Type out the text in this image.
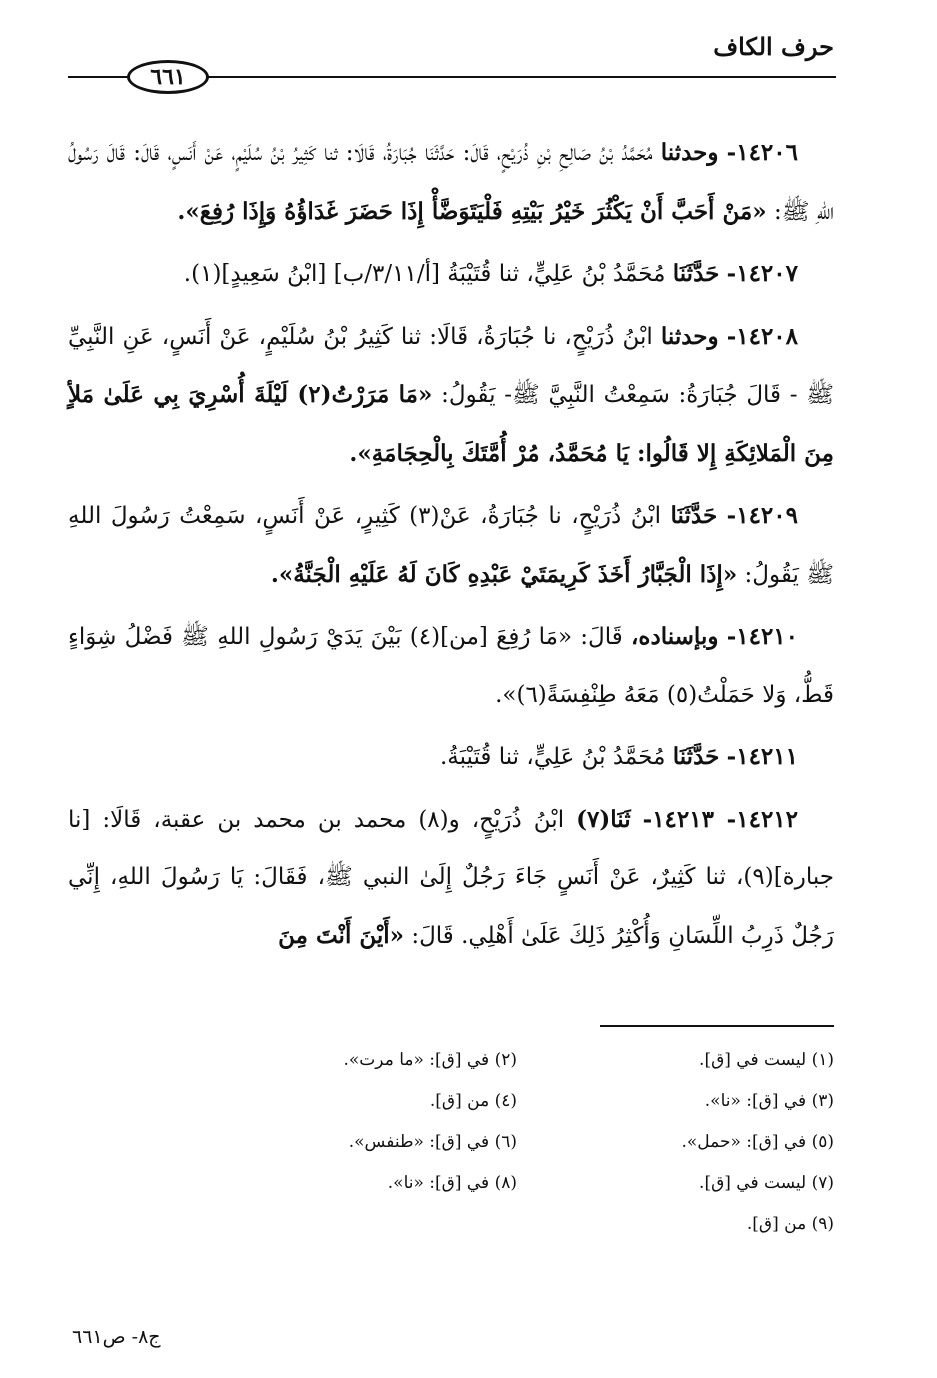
حرف الكاف
٦٦١

١٤٢٠٦- وحدثنا مُحَمَّدُ بْنُ صَالِحِ بْنِ ذُرَيْحٍ، قَالَ: حَدَّثَنَا جُبَارَةُ، قَالَا: ثنا كَثِيرُ بْنُ سُلَيْمٍ، عَنْ أَنَسٍ، قَالَ: قَالَ رَسُولُ اللهِ ﷺ: «مَنْ أَحَبَّ أَنْ يَكْثُرَ خَيْرُ بَيْتِهِ فَلْيَتَوَضَّأْ إِذَا حَضَرَ غَدَاؤُهُ وَإِذَا رُفِعَ».

١٤٢٠٧- حَدَّثَنَا مُحَمَّدُ بْنُ عَلِيٍّ، ثنا قُتَيْبَةُ [أ/٣/١١/ب] [ابْنُ سَعِيدٍ](١).

١٤٢٠٨- وحدثنا ابْنُ ذُرَيْحٍ، نا جُبَارَةُ، قَالَا: ثنا كَثِيرُ بْنُ سُلَيْمٍ، عَنْ أَنَسٍ، عَنِ النَّبِيِّ ﷺ - قَالَ جُبَارَةُ: سَمِعْتُ النَّبِيَّ ﷺ- يَقُولُ: «مَا مَرَرْتُ(٢) لَيْلَةَ أُسْرِيَ بِي عَلَىٰ مَلأٍ مِنَ الْمَلائِكَةِ إِلا قَالُوا: يَا مُحَمَّدُ، مُرْ أُمَّتَكَ بِالْحِجَامَةِ».

١٤٢٠٩- حَدَّثَنَا ابْنُ ذُرَيْحٍ، نا جُبَارَةُ، عَنْ(٣) كَثِيرٍ، عَنْ أَنَسٍ، سَمِعْتُ رَسُولَ اللهِ ﷺ يَقُولُ: «إِذَا الْجَبَّارُ أَخَذَ كَرِيمَتَيْ عَبْدِهِ كَانَ لَهُ عَلَيْهِ الْجَنَّةُ».

١٤٢١٠- وبإسناده، قَالَ: «مَا رُفِعَ [من](٤) بَيْنَ يَدَيْ رَسُولِ اللهِ ﷺ فَضْلُ شِوَاءٍ قَطُّ، وَلا حَمَلْتُ(٥) مَعَهُ طِنْفِسَةً(٦)».

١٤٢١١- حَدَّثَنَا مُحَمَّدُ بْنُ عَلِيٍّ، ثنا قُتَيْبَةُ.

١٤٢١٢- ١٤٢١٣- ثَنَا(٧) ابْنُ ذُرَيْحٍ، و(٨) محمد بن محمد بن عقبة، قَالَا: [نا جبارة](٩)، ثنا كَثِيرٌ، عَنْ أَنَسٍ جَاءَ رَجُلٌ إِلَىٰ النبي ﷺ، فَقَالَ: يَا رَسُولَ اللهِ، إِنِّي رَجُلٌ ذَرِبُ اللِّسَانِ وَأُكْثِرُ ذَلِكَ عَلَىٰ أَهْلِي. قَالَ: «أَيْنَ أَنْتَ مِنَ

(١) ليست في [ق].
(٢) في [ق]: «ما مرت».
(٣) في [ق]: «نا».
(٤) من [ق].
(٥) في [ق]: «حمل».
(٦) في [ق]: «طنفس».
(٧) ليست في [ق].
(٨) في [ق]: «نا».
(٩) من [ق].
ج٨- ص٦٦١
